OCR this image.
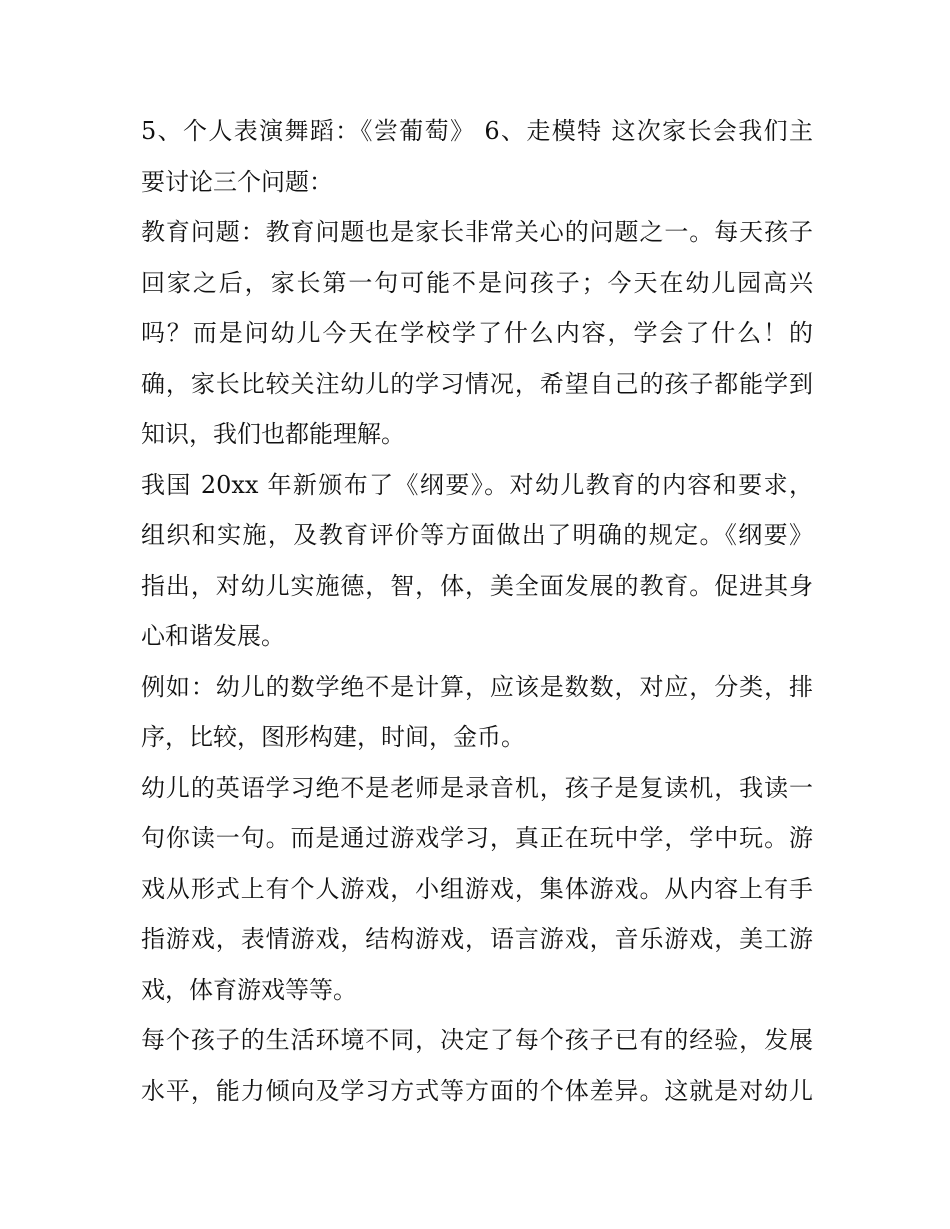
5、个人表演舞蹈：《尝葡萄》 6、走模特 这次家长会我们主
要讨论三个问题：
教育问题：教育问题也是家长非常关心的问题之一。每天孩子
回家之后，家长第一句可能不是问孩子；今天在幼儿园高兴
吗？而是问幼儿今天在学校学了什么内容，学会了什么！的
确，家长比较关注幼儿的学习情况，希望自己的孩子都能学到
知识，我们也都能理解。
我国 20xx 年新颁布了《纲要》。对幼儿教育的内容和要求，
组织和实施，及教育评价等方面做出了明确的规定。《纲要》
指出，对幼儿实施德，智，体，美全面发展的教育。促进其身
心和谐发展。
例如：幼儿的数学绝不是计算，应该是数数，对应，分类，排
序，比较，图形构建，时间，金币。
幼儿的英语学习绝不是老师是录音机，孩子是复读机，我读一
句你读一句。而是通过游戏学习，真正在玩中学，学中玩。游
戏从形式上有个人游戏，小组游戏，集体游戏。从内容上有手
指游戏，表情游戏，结构游戏，语言游戏，音乐游戏，美工游
戏，体育游戏等等。
每个孩子的生活环境不同，决定了每个孩子已有的经验，发展
水平，能力倾向及学习方式等方面的个体差异。这就是对幼儿
